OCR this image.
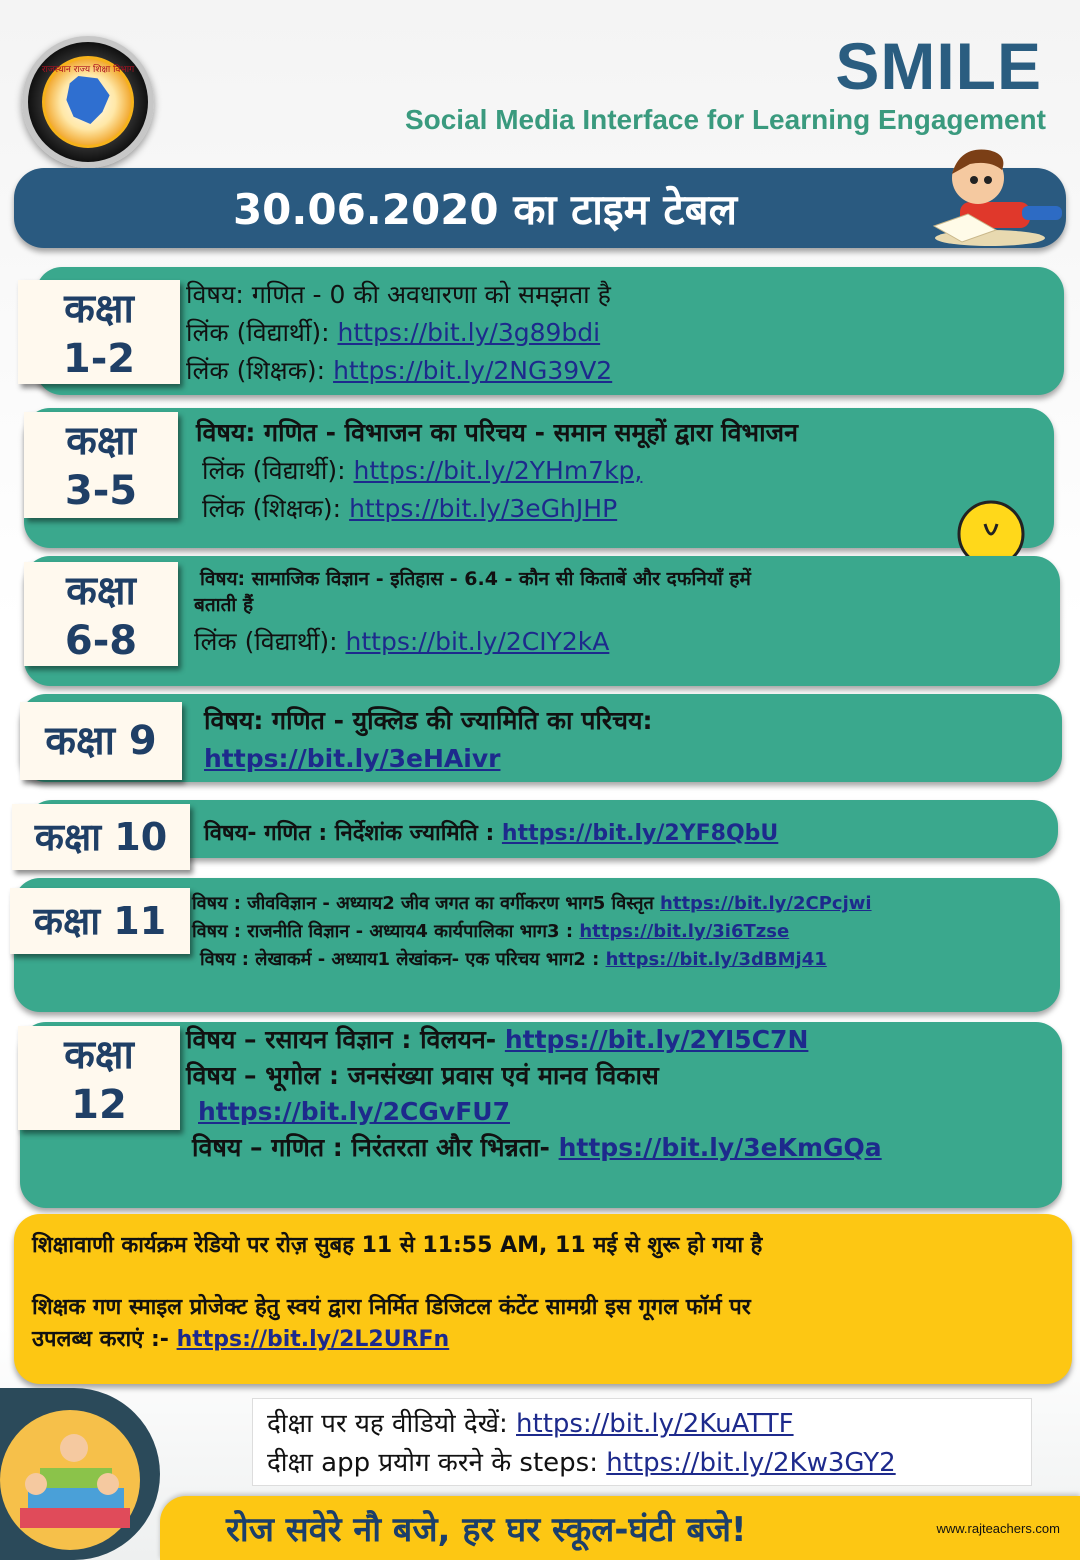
राजस्थान राज्य शिक्षा विभाग	SMILE
Social Media Interface for Learning Engagement
30.06.2020 का टाइम टेबल
कक्षा
1-2
विषय: गणित - 0 की अवधारणा को समझता है
लिंक (विद्यार्थी): https://bit.ly/3g89bdi
लिंक (शिक्षक): https://bit.ly/2NG39V2
कक्षा
3-5
विषय: गणित - विभाजन का परिचय - समान समूहों द्वारा विभाजन
लिंक (विद्यार्थी): https://bit.ly/2YHm7kp,
लिंक (शिक्षक): https://bit.ly/3eGhJHP
कक्षा
6-8
विषय: सामाजिक विज्ञान - इतिहास - 6.4 - कौन सी किताबें और दफनियाँ हमें
बताती हैं
लिंक (विद्यार्थी): https://bit.ly/2CIY2kA
कक्षा 9	विषय: गणित - युक्लिड की ज्यामिति का परिचय:
https://bit.ly/3eHAivr
कक्षा 10	विषय- गणित : निर्देशांक ज्यामिति : https://bit.ly/2YF8QbU
कक्षा 11	विषय : जीवविज्ञान - अध्याय2 जीव जगत का वर्गीकरण भाग5 विस्तृत https://bit.ly/2CPcjwi
विषय : राजनीति विज्ञान - अध्याय4 कार्यपालिका भाग3 : https://bit.ly/3i6Tzse
विषय : लेखाकर्म - अध्याय1 लेखांकन- एक परिचय भाग2 : https://bit.ly/3dBMj41
कक्षा
12
विषय – रसायन विज्ञान : विलयन- https://bit.ly/2YI5C7N
विषय – भूगोल : जनसंख्या प्रवास एवं मानव विकास
https://bit.ly/2CGvFU7
विषय – गणित : निरंतरता और भिन्नता- https://bit.ly/3eKmGQa
शिक्षावाणी कार्यक्रम रेडियो पर रोज़ सुबह 11 से 11:55 AM, 11 मई से शुरू हो गया है
शिक्षक गण स्माइल प्रोजेक्ट हेतु स्वयं द्वारा निर्मित डिजिटल कंटेंट सामग्री इस गूगल फॉर्म पर
उपलब्ध कराएं :- https://bit.ly/2L2URFn
दीक्षा पर यह वीडियो देखें: https://bit.ly/2KuATTF
दीक्षा app प्रयोग करने के steps: https://bit.ly/2Kw3GY2
रोज सवेरे नौ बजे, हर घर स्कूल-घंटी बजे!	www.rajteachers.com
